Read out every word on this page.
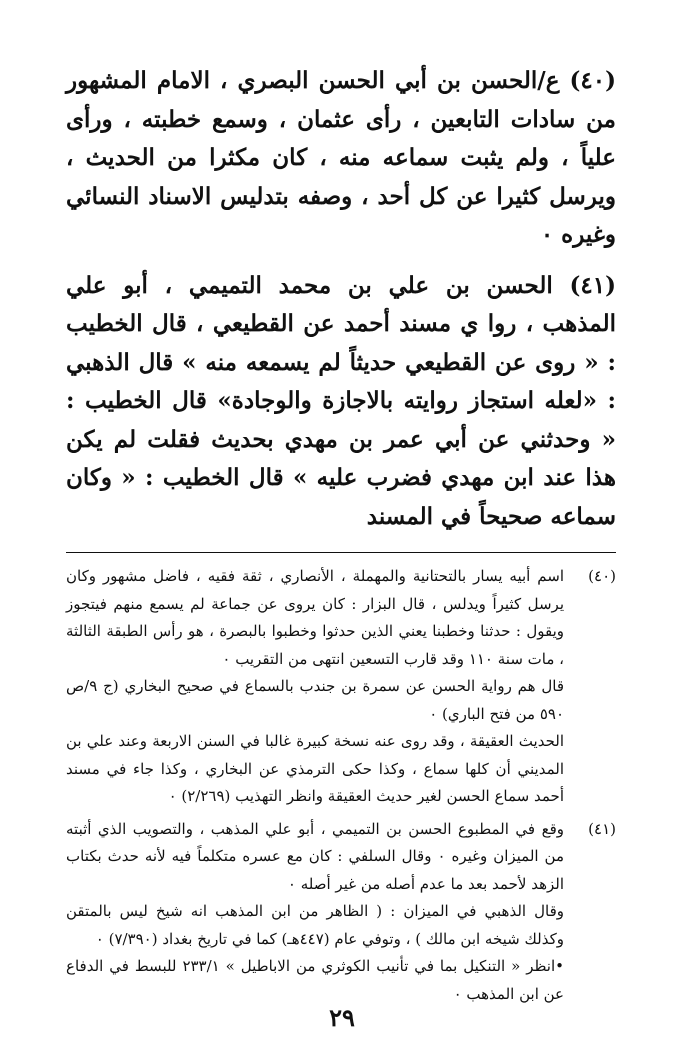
(٤٠) ع/الحسن بن أبي الحسن البصري ، الامام المشهور من سادات التابعين ، رأى عثمان ، وسمع خطبته ، ورأى علياً ، ولم يثبت سماعه منه ، كان مكثرا من الحديث ، ويرسل كثيرا عن كل أحد ، وصفه بتدليس الاسناد النسائي وغيره ٠

(٤١) الحسن بن علي بن محمد التميمي ، أبو علي المذهب ، روا ي مسند أحمد عن القطيعي ، قال الخطيب : « روى عن القطيعي حديثاً لم يسمعه منه » قال الذهبي : «لعله استجاز روايته بالاجازة والوجادة» قال الخطيب : « وحدثني عن أبي عمر بن مهدي بحديث فقلت لم يكن هذا عند ابن مهدي فضرب عليه » قال الخطيب : « وكان سماعه صحيحاً في المسند

(٤٠)

اسم أبيه يسار بالتحتانية والمهملة ، الأنصاري ، ثقة فقيه ، فاضل مشهور وكان يرسل كثيراً ويدلس ، قال البزار : كان يروى عن جماعة لم يسمع منهم فيتجوز ويقول : حدثنا وخطبنا يعني الذين حدثوا وخطبوا بالبصرة ، هو رأس الطبقة الثالثة ، مات سنة ١١٠ وقد قارب التسعين انتهى من التقريب ٠

قال هم رواية الحسن عن سمرة بن جندب بالسماع في صحيح البخاري (ج ٩/ص ٥٩٠ من فتح الباري) ٠

الحديث العقيقة ، وقد روى عنه نسخة كبيرة غالبا في السنن الاربعة وعند علي بن المديني أن كلها سماع ، وكذا حكى الترمذي عن البخاري ، وكذا جاء في مسند أحمد سماع الحسن لغير حديث العقيقة وانظر التهذيب (٢/٢٦٩) ٠

(٤١)

وقع في المطبوع الحسن بن التميمي ، أبو علي المذهب ، والتصويب الذي أثبته من الميزان وغيره ٠ وقال السلفي : كان مع عسره متكلماً فيه لأنه حدث بكتاب الزهد لأحمد بعد ما عدم أصله من غير أصله ٠

وقال الذهبي في الميزان : ( الظاهر من ابن المذهب انه شيخ ليس بالمتقن وكذلك شيخه ابن مالك ) ، وتوفي عام (٤٤٧هـ) كما في تاريخ بغداد (٧/٣٩٠) ٠

•انظر « التنكيل بما في تأنيب الكوثري من الاباطيل » ٢٣٣/١ للبسط في الدفاع عن ابن المذهب ٠

٢٩
